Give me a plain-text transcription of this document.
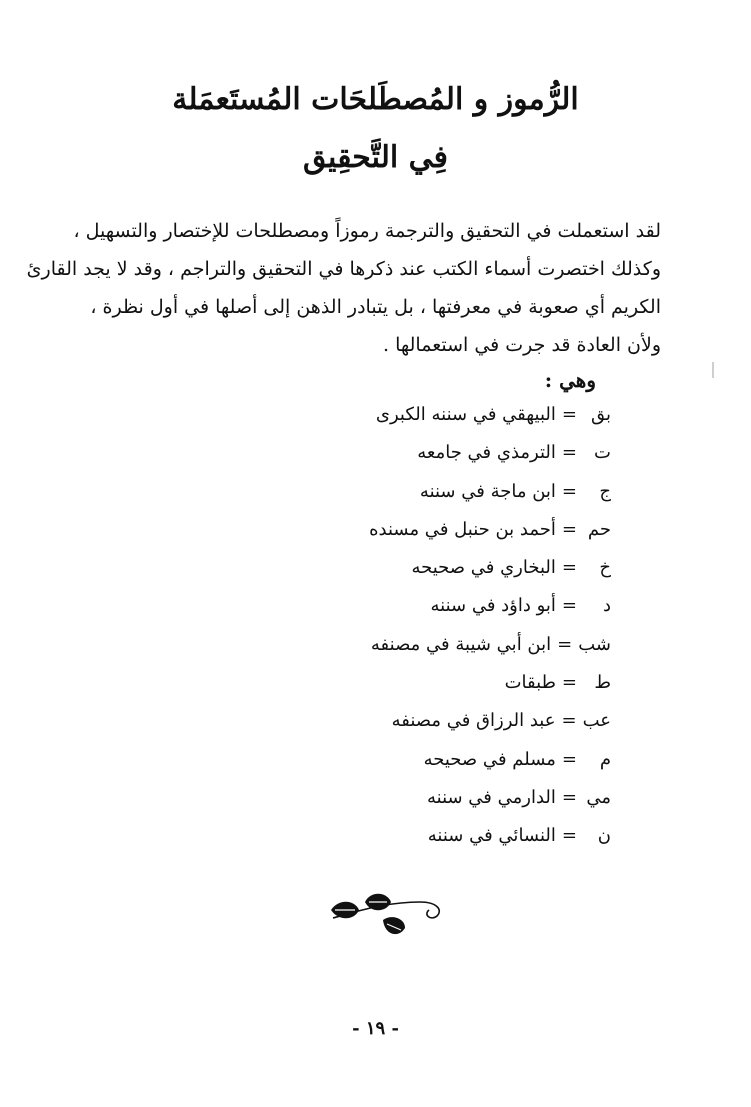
الرُّموز و المُصطَلحَات المُستَعمَلة
فِي التَّحقِيق

لقد استعملت في التحقيق والترجمة رموزاً ومصطلحات للإختصار والتسهيل ،

وكذلك اختصرت أسماء الكتب عند ذكرها في التحقيق والتراجم ، وقد لا يجد القارئ

الكريم أي صعوبة في معرفتها ، بل يتبادر الذهن إلى أصلها في أول نظرة ،

ولأن العادة قد جرت في استعمالها .

وهي :
بق=البيهقي في سننه الكبرى
ت=الترمذي في جامعه
ج=ابن ماجة في سننه
حم=أحمد بن حنبل في مسنده
خ=البخاري في صحيحه
د=أبو داؤد في سننه
شب=ابن أبي شيبة في مصنفه
ط=طبقات
عب=عبد الرزاق في مصنفه
م=مسلم في صحيحه
مي=الدارمي في سننه
ن=النسائي في سننه
- ١٩ -
